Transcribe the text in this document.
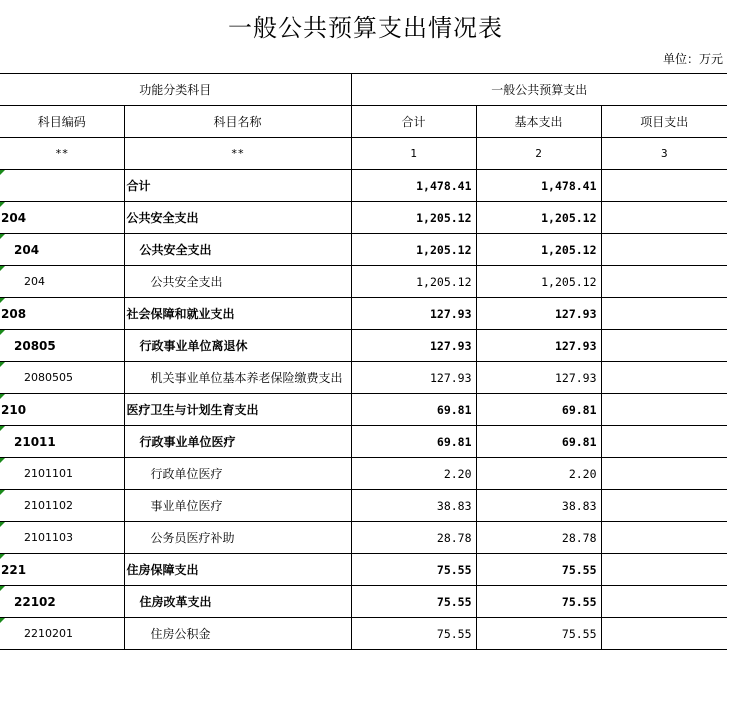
一般公共预算支出情况表
单位：万元
功能分类科目		一般公共预算支出		
科目编码	科目名称	合计	基本支出	项目支出
**	**	1	2	3
	合计	1,478.41	1,478.41	
204	公共安全支出	1,205.12	1,205.12	
204	公共安全支出	1,205.12	1,205.12	
204	公共安全支出	1,205.12	1,205.12	
208	社会保障和就业支出	127.93	127.93	
20805	行政事业单位离退休	127.93	127.93	
2080505	机关事业单位基本养老保险缴费支出	127.93	127.93	
210	医疗卫生与计划生育支出	69.81	69.81	
21011	行政事业单位医疗	69.81	69.81	
2101101	行政单位医疗	2.20	2.20	
2101102	事业单位医疗	38.83	38.83	
2101103	公务员医疗补助	28.78	28.78	
221	住房保障支出	75.55	75.55	
22102	住房改革支出	75.55	75.55	
2210201	住房公积金	75.55	75.55	
